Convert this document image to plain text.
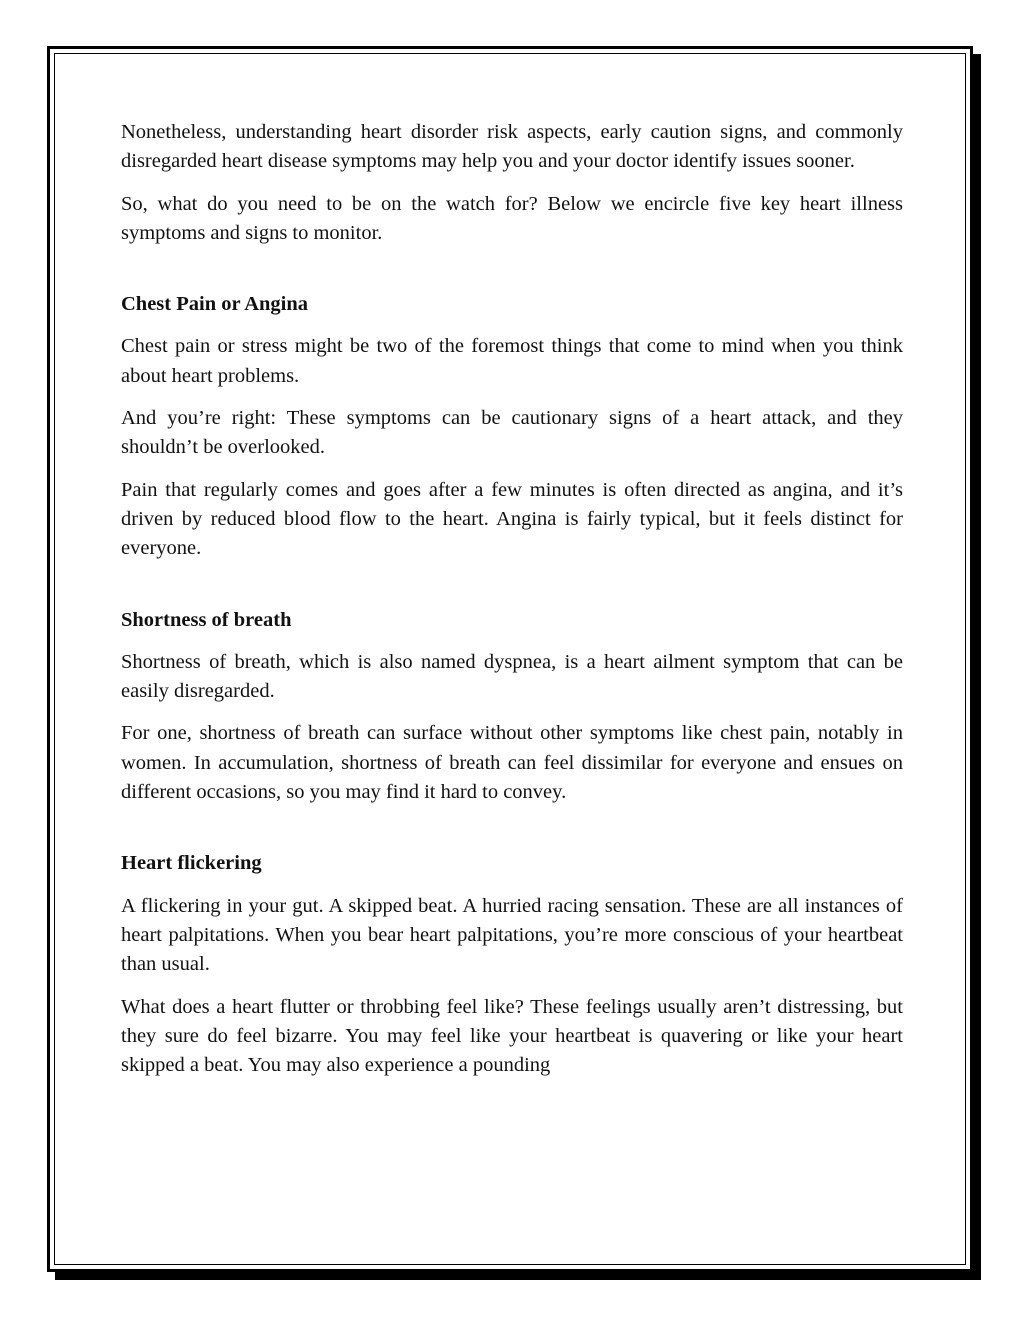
Nonetheless, understanding heart disorder risk aspects, early caution signs, and commonly disregarded heart disease symptoms may help you and your doctor identify issues sooner.

So, what do you need to be on the watch for? Below we encircle five key heart illness symptoms and signs to monitor.

Chest Pain or Angina

Chest pain or stress might be two of the foremost things that come to mind when you think about heart problems.

And you’re right: These symptoms can be cautionary signs of a heart attack, and they shouldn’t be overlooked.

Pain that regularly comes and goes after a few minutes is often directed as angina, and it’s driven by reduced blood flow to the heart. Angina is fairly typical, but it feels distinct for everyone.

Shortness of breath

Shortness of breath, which is also named dyspnea, is a heart ailment symptom that can be easily disregarded.

For one, shortness of breath can surface without other symptoms like chest pain, notably in women. In accumulation, shortness of breath can feel dissimilar for everyone and ensues on different occasions, so you may find it hard to convey.

Heart flickering

A flickering in your gut. A skipped beat. A hurried racing sensation. These are all instances of heart palpitations. When you bear heart palpitations, you’re more conscious of your heartbeat than usual.

What does a heart flutter or throbbing feel like? These feelings usually aren’t distressing, but they sure do feel bizarre. You may feel like your heartbeat is quavering or like your heart skipped a beat. You may also experience a pounding
